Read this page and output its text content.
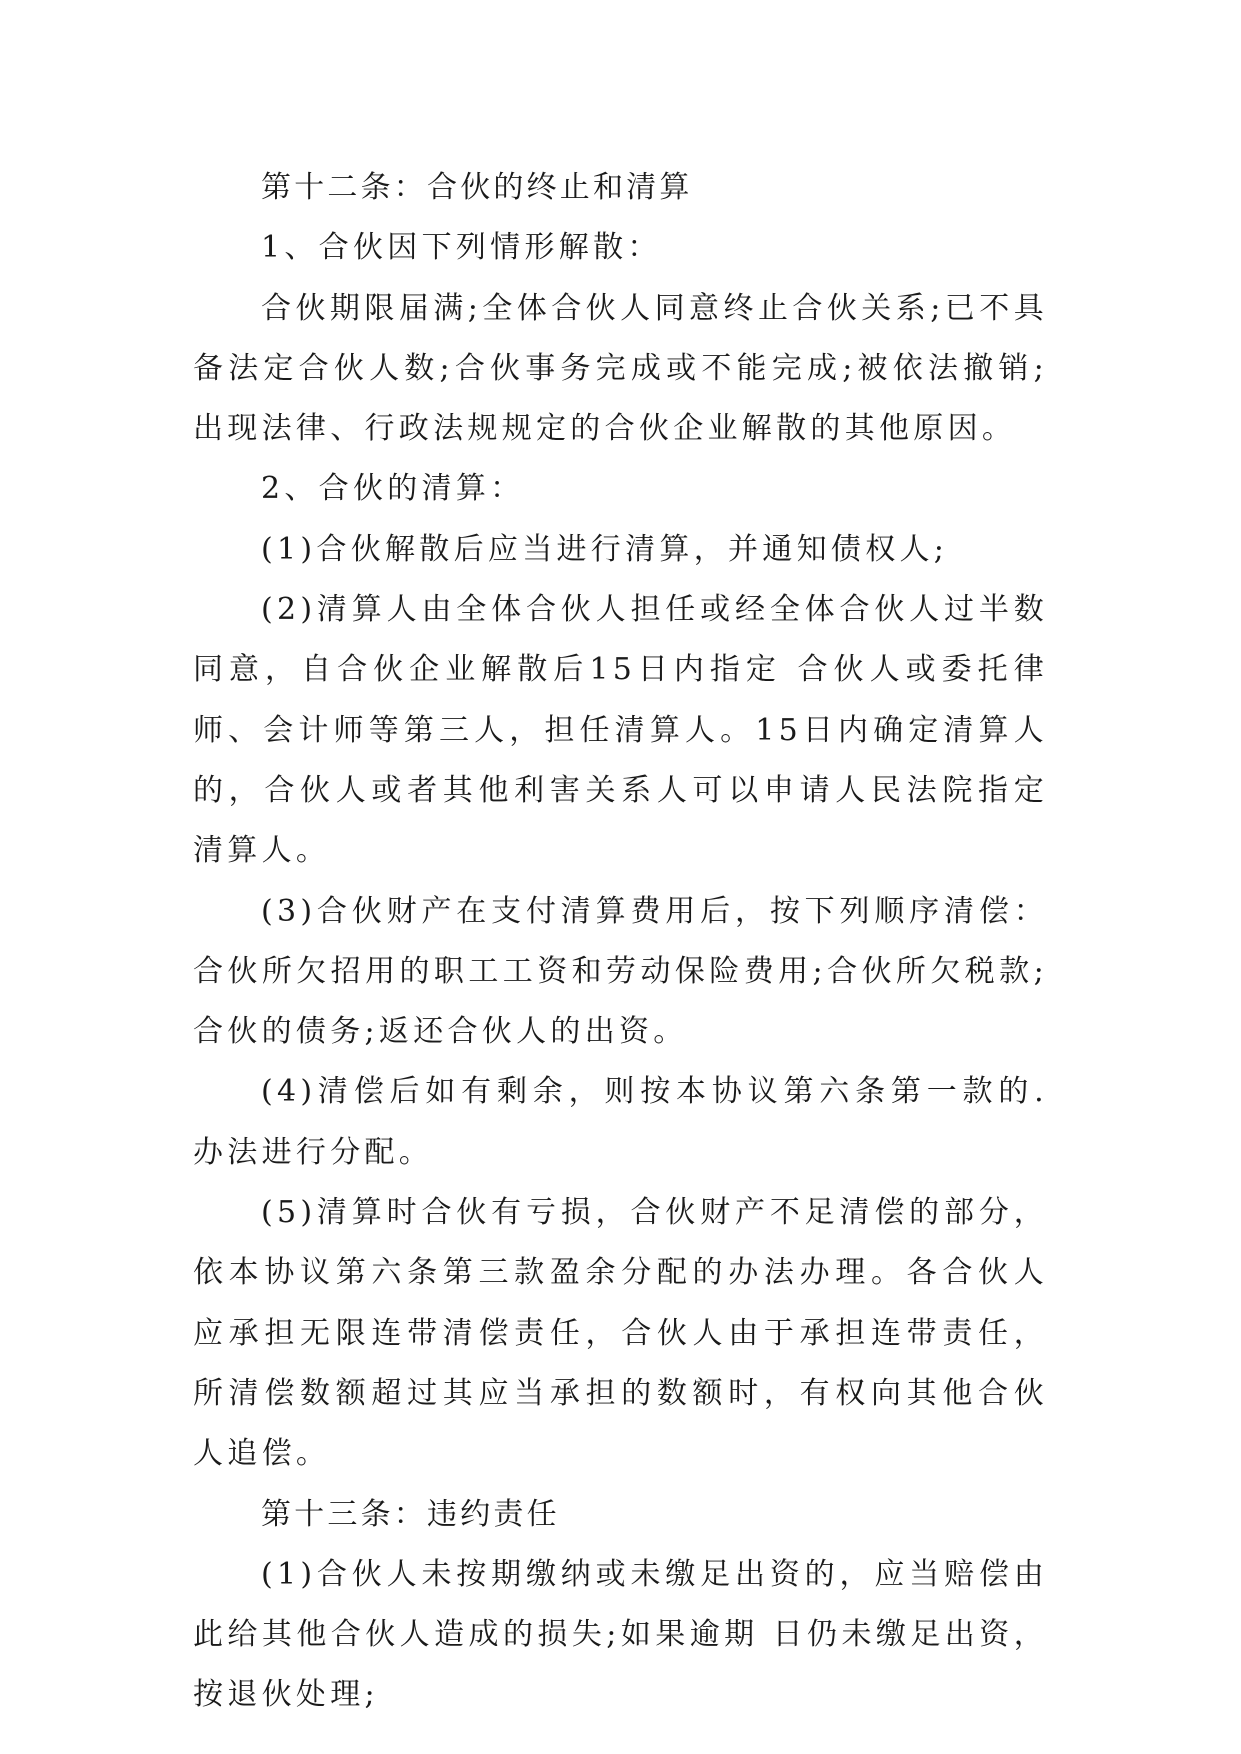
第十二条：合伙的终止和清算

1、合伙因下列情形解散：

合伙期限届满;全体合伙人同意终止合伙关系;已不具备法定合伙人数;合伙事务完成或不能完成;被依法撤销;出现法律、行政法规规定的合伙企业解散的其他原因。

2、合伙的清算：

(1)合伙解散后应当进行清算，并通知债权人;

(2)清算人由全体合伙人担任或经全体合伙人过半数同意，自合伙企业解散后15日内指定 合伙人或委托律师、会计师等第三人，担任清算人。15日内确定清算人的，合伙人或者其他利害关系人可以申请人民法院指定清算人。

(3)合伙财产在支付清算费用后，按下列顺序清偿：合伙所欠招用的职工工资和劳动保险费用;合伙所欠税款;合伙的债务;返还合伙人的出资。

(4)清偿后如有剩余，则按本协议第六条第一款的.办法进行分配。

(5)清算时合伙有亏损，合伙财产不足清偿的部分，依本协议第六条第三款盈余分配的办法办理。各合伙人应承担无限连带清偿责任，合伙人由于承担连带责任，所清偿数额超过其应当承担的数额时，有权向其他合伙人追偿。

第十三条：违约责任

(1)合伙人未按期缴纳或未缴足出资的，应当赔偿由此给其他合伙人造成的损失;如果逾期 日仍未缴足出资，按退伙处理;
